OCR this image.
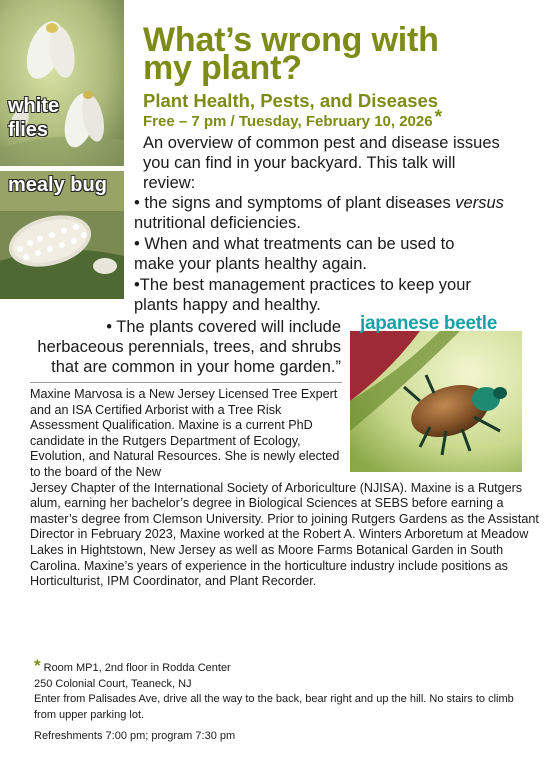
white
flies
mealy bug
japanese beetle
What’s wrong with
my plant?
Plant Health, Pests, and Diseases
Free – 7 pm / Tuesday, February 10, 2026 *
An overview of common pest and disease issues you can find in your backyard. This talk will review:
• the signs and symptoms of plant diseases versus nutritional deficiencies.
• When and what treatments can be used to make your plants healthy again.
•The best management practices to keep your plants happy and healthy.
• The plants covered will include herbaceous perennials, trees, and shrubs that are common in your home garden.”
Maxine Marvosa is a New Jersey Licensed Tree Expert and an ISA Certified Arborist with a Tree Risk Assessment Qualification. Maxine is a current PhD candidate in the Rutgers Department of Ecology, Evolution, and Natural Resources. She is newly elected to the board of the New
Jersey Chapter of the International Society of Arboriculture (NJISA). Maxine is a Rutgers alum, earning her bachelor’s degree in Biological Sciences at SEBS before earning a master’s degree from Clemson University. Prior to joining Rutgers Gardens as the Assistant Director in February 2023, Maxine worked at the Robert A. Winters Arboretum at Meadow Lakes in Hightstown, New Jersey as well as Moore Farms Botanical Garden in South Carolina. Maxine’s years of experience in the horticulture industry include positions as Horticulturist, IPM Coordinator, and Plant Recorder.
* Room MP1, 2nd floor in Rodda Center
250 Colonial Court, Teaneck, NJ
Enter from Palisades Ave, drive all the way to the back, bear right and up the hill. No stairs to climb from upper parking lot.
Refreshments 7:00 pm; program 7:30 pm
